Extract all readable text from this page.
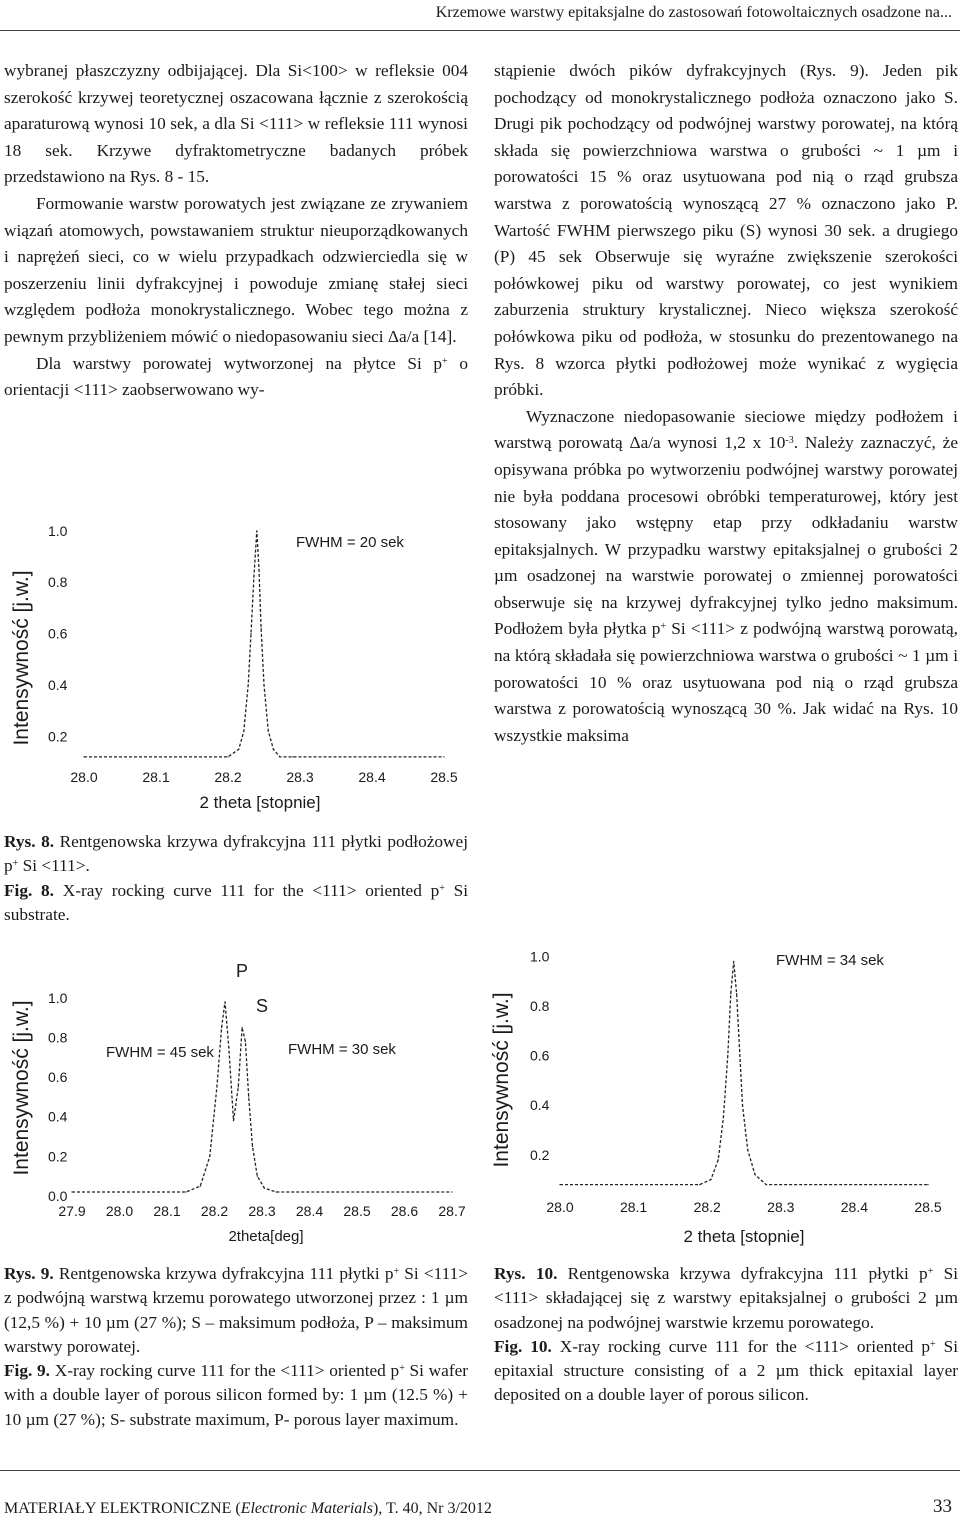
Krzemowe warstwy epitaksjalne do zastosowań fotowoltaicznych osadzone na...

wybranej płaszczyzny odbijającej. Dla Si<100> w refleksie 004 szerokość krzywej teoretycznej oszacowana łącznie z szerokością aparaturową wynosi 10 sek, a dla Si <111> w refleksie 111 wynosi 18 sek. Krzywe dyfraktometryczne badanych próbek przedstawiono na Rys. 8 - 15.

Formowanie warstw porowatych jest związane ze zrywaniem wiązań atomowych, powstawaniem struktur nieuporządkowanych i naprężeń sieci, co w wielu przypadkach odzwierciedla się w poszerzeniu linii dyfrakcyjnej i powoduje zmianę stałej sieci względem podłoża monokrystalicznego. Wobec tego można z pewnym przybliżeniem mówić o niedopasowaniu sieci Δa/a [14].

Dla warstwy porowatej wytworzonej na płytce Si p+ o orientacji <111> zaobserwowano wy-

stąpienie dwóch pików dyfrakcyjnych (Rys. 9). Jeden pik pochodzący od monokrystalicznego podłoża oznaczono jako S. Drugi pik pochodzący od podwójnej warstwy porowatej, na którą składa się powierzchniowa warstwa o grubości ~ 1 µm i porowatości 15 % oraz usytuowana pod nią o rząd grubsza warstwa z porowatością wynoszącą 27 % oznaczono jako P. Wartość FWHM pierwszego piku (S) wynosi 30 sek. a drugiego (P) 45 sek Obserwuje się wyraźne zwiększenie szerokości połówkowej piku od warstwy porowatej, co jest wynikiem zaburzenia struktury krystalicznej. Nieco większa szerokość połówkowa piku od podłoża, w stosunku do prezentowanego na Rys. 8 wzorca płytki podłożowej może wynikać z wygięcia próbki.

Wyznaczone niedopasowanie sieciowe między podłożem i warstwą porowatą Δa/a wynosi 1,2 x $10^{-3}$. Należy zaznaczyć, że opisywana próbka po wytworzeniu podwójnej warstwy porowatej nie była poddana procesowi obróbki temperaturowej, który jest stosowany jako wstępny etap przy odkładaniu warstw epitaksjalnych. W przypadku warstwy epitaksjalnej o grubości 2 µm osadzonej na warstwie porowatej o zmiennej porowatości obserwuje się na krzywej dyfrakcyjnej tylko jedno maksimum. Podłożem była płytka p+ Si <111> z podwójną warstwą porowatą, na którą składała się powierzchniowa warstwa o grubości ~ 1 µm i porowatości 10 % oraz usytuowana pod nią o rząd grubsza warstwa z porowatością wynoszącą 30 %. Jak widać na Rys. 10 wszystkie maksima

Intensywność [j.w.]
FWHM = 20 sek
2 theta [stopnie]
0.2
0.4
0.6
0.8
1.0
28.0	28.1	28.2	28.3	28.4	28.5
Rys. 8. Rentgenowska krzywa dyfrakcyjna 111 płytki podłożowej p+ Si <111>.
Fig. 8. X-ray rocking curve 111 for the <111> oriented p+ Si substrate.
Intensywność [j.w.]
P
S
FWHM = 45 sek	FWHM = 30 sek
2theta[deg]
0.0
0.2
0.4
0.6
0.8
1.0
27.9 28.0 28.1 28.2 28.3 28.4 28.5 28.6 28.7
Rys. 9. Rentgenowska krzywa dyfrakcyjna 111 płytki p+ Si <111> z podwójną warstwą krzemu porowatego utworzonej przez : 1 µm (12,5 %) + 10 µm (27 %); S – maksimum podłoża, P – maksimum warstwy porowatej.
Fig. 9. X-ray rocking curve 111 for the <111> oriented p+ Si wafer with a double layer of porous silicon formed by: 1 µm (12.5 %) + 10 µm (27 %); S- substrate maximum, P- porous layer maximum.
Intensywność [j.w.]
FWHM = 34 sek
2 theta [stopnie]
0.2
0.4
0.6
0.8
1.0
28.0	28.1	28.2	28.3	28.4	28.5
Rys. 10. Rentgenowska krzywa dyfrakcyjna 111 płytki p+ Si <111> składającej się z warstwy epitaksjalnej o grubości 2 µm osadzonej na podwójnej warstwie krzemu porowatego.
Fig. 10. X-ray rocking curve 111 for the <111> oriented p+ Si epitaxial structure consisting of a 2 µm thick epitaxial layer deposited on a double layer of porous silicon.
MATERIAŁY ELEKTRONICZNE (Electronic Materials), T. 40, Nr 3/2012	33
